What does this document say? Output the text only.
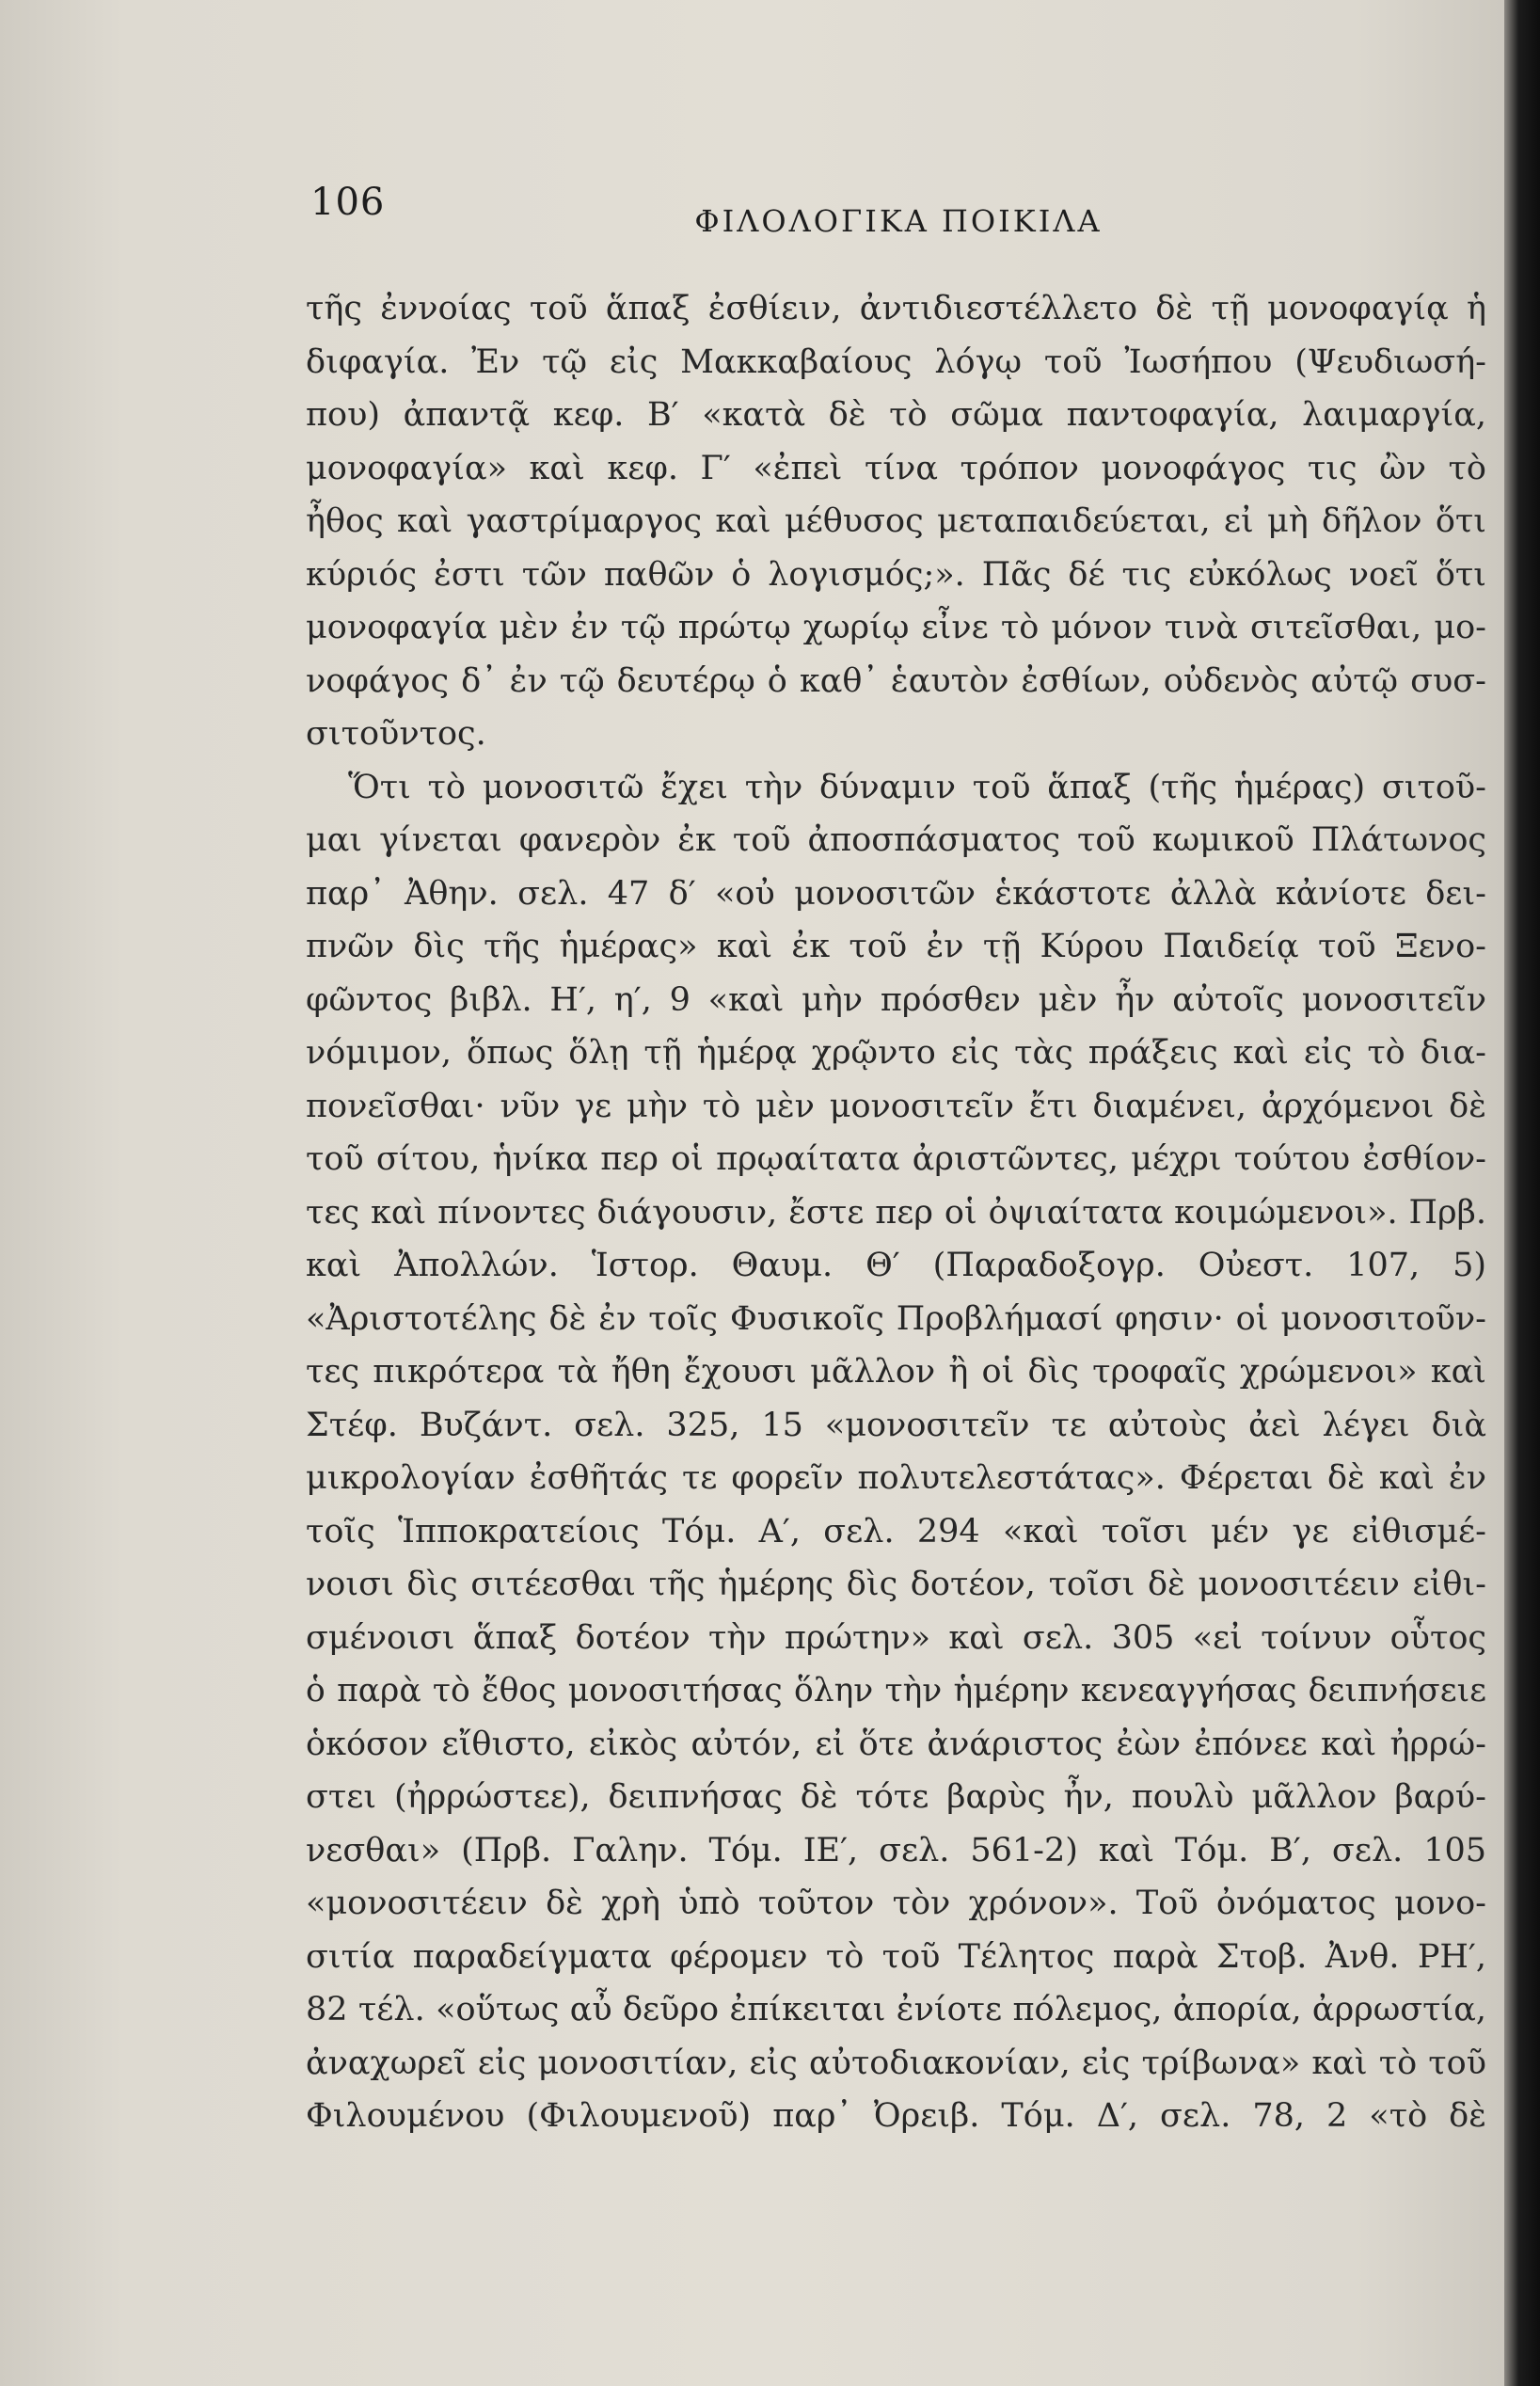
106	ΦΙΛΟΛΟΓΙΚΑ ΠΟΙΚΙΛΑ
τῆς ἐννοίας τοῦ ἅπαξ ἐσθίειν, ἀντιδιεστέλλετο δὲ τῇ μονοφαγίᾳ ἡ
διφαγία. Ἐν τῷ εἰς Μακκαβαίους λόγῳ τοῦ Ἰωσήπου (Ψευδιωσή-
που) ἀπαντᾷ κεφ. Β′ «κατὰ δὲ τὸ σῶμα παντοφαγία, λαιμαργία,
μονοφαγία» καὶ κεφ. Γ′ «ἐπεὶ τίνα τρόπον μονοφάγος τις ὢν τὸ
ἦθος καὶ γαστρίμαργος καὶ μέθυσος μεταπαιδεύεται, εἰ μὴ δῆλον ὅτι
κύριός ἐστι τῶν παθῶν ὁ λογισμός;». Πᾶς δέ τις εὐκόλως νοεῖ ὅτι
μονοφαγία μὲν ἐν τῷ πρώτῳ χωρίῳ εἶνε τὸ μόνον τινὰ σιτεῖσθαι, μο-
νοφάγος δ᾽ ἐν τῷ δευτέρῳ ὁ καθ᾽ ἑαυτὸν ἐσθίων, οὐδενὸς αὐτῷ συσ-
σιτοῦντος.
Ὅτι τὸ μονοσιτῶ ἔχει τὴν δύναμιν τοῦ ἅπαξ (τῆς ἡμέρας) σιτοῦ-
μαι γίνεται φανερὸν ἐκ τοῦ ἀποσπάσματος τοῦ κωμικοῦ Πλάτωνος
παρ᾽ Ἀθην. σελ. 47 δ′ «οὐ μονοσιτῶν ἑκάστοτε ἀλλὰ κἀνίοτε δει-
πνῶν δὶς τῆς ἡμέρας» καὶ ἐκ τοῦ ἐν τῇ Κύρου Παιδείᾳ τοῦ Ξενο-
φῶντος βιβλ. Η′, η′, 9 «καὶ μὴν πρόσθεν μὲν ἦν αὐτοῖς μονοσιτεῖν
νόμιμον, ὅπως ὅλῃ τῇ ἡμέρᾳ χρῷντο εἰς τὰς πράξεις καὶ εἰς τὸ δια-
πονεῖσθαι· νῦν γε μὴν τὸ μὲν μονοσιτεῖν ἔτι διαμένει, ἀρχόμενοι δὲ
τοῦ σίτου, ἡνίκα περ οἱ πρῳαίτατα ἀριστῶντες, μέχρι τούτου ἐσθίον-
τες καὶ πίνοντες διάγουσιν, ἔστε περ οἱ ὀψιαίτατα κοιμώμενοι». Πρβ.
καὶ Ἀπολλών. Ἱστορ. Θαυμ. Θ′ (Παραδοξογρ. Οὐεστ. 107, 5)
«Ἀριστοτέλης δὲ ἐν τοῖς Φυσικοῖς Προβλήμασί φησιν· οἱ μονοσιτοῦν-
τες πικρότερα τὰ ἤθη ἔχουσι μᾶλλον ἢ οἱ δὶς τροφαῖς χρώμενοι» καὶ
Στέφ. Βυζάντ. σελ. 325, 15 «μονοσιτεῖν τε αὐτοὺς ἀεὶ λέγει διὰ
μικρολογίαν ἐσθῆτάς τε φορεῖν πολυτελεστάτας». Φέρεται δὲ καὶ ἐν
τοῖς Ἱπποκρατείοις Τόμ. Α′, σελ. 294 «καὶ τοῖσι μέν γε εἰθισμέ-
νοισι δὶς σιτέεσθαι τῆς ἡμέρης δὶς δοτέον, τοῖσι δὲ μονοσιτέειν εἰθι-
σμένοισι ἅπαξ δοτέον τὴν πρώτην» καὶ σελ. 305 «εἰ τοίνυν οὗτος
ὁ παρὰ τὸ ἔθος μονοσιτήσας ὅλην τὴν ἡμέρην κενεαγγήσας δειπνήσειε
ὁκόσον εἴθιστο, εἰκὸς αὐτόν, εἰ ὅτε ἀνάριστος ἐὼν ἐπόνεε καὶ ἠρρώ-
στει (ἠρρώστεε), δειπνήσας δὲ τότε βαρὺς ἦν, πουλὺ μᾶλλον βαρύ-
νεσθαι» (Πρβ. Γαλην. Τόμ. ΙΕ′, σελ. 561-2) καὶ Τόμ. Β′, σελ. 105
«μονοσιτέειν δὲ χρὴ ὑπὸ τοῦτον τὸν χρόνον». Τοῦ ὀνόματος μονο-
σιτία παραδείγματα φέρομεν τὸ τοῦ Τέλητος παρὰ Στοβ. Ἀνθ. ΡΗ′,
82 τέλ. «οὕτως αὖ δεῦρο ἐπίκειται ἐνίοτε πόλεμος, ἀπορία, ἀρρωστία,
ἀναχωρεῖ εἰς μονοσιτίαν, εἰς αὐτοδιακονίαν, εἰς τρίβωνα» καὶ τὸ τοῦ
Φιλουμένου (Φιλουμενοῦ) παρ᾽ Ὀρειβ. Τόμ. Δ′, σελ. 78, 2 «τὸ δὲ
